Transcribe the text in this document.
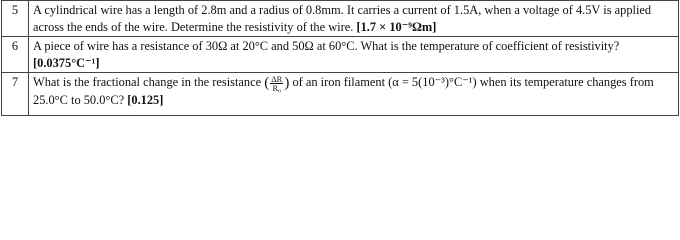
5	A cylindrical wire has a length of 2.8m and a radius of 0.8mm. It carries a current of 1.5A, when a voltage of 4.5V is applied across the ends of the wire. Determine the resistivity of the wire. [1.7 × 10⁻⁹Ωm]
6	A piece of wire has a resistance of 30Ω at 20°C and 50Ω at 60°C. What is the temperature of coefficient of resistivity? [0.0375°C⁻¹]
7	What is the fractional change in the resistance ( $\frac{\Delta R}{\text{R₀}}$ ) of an iron filament (α = 5(10⁻³)°C⁻¹) when its temperature changes from 25.0°C to 50.0°C? [0.125]
